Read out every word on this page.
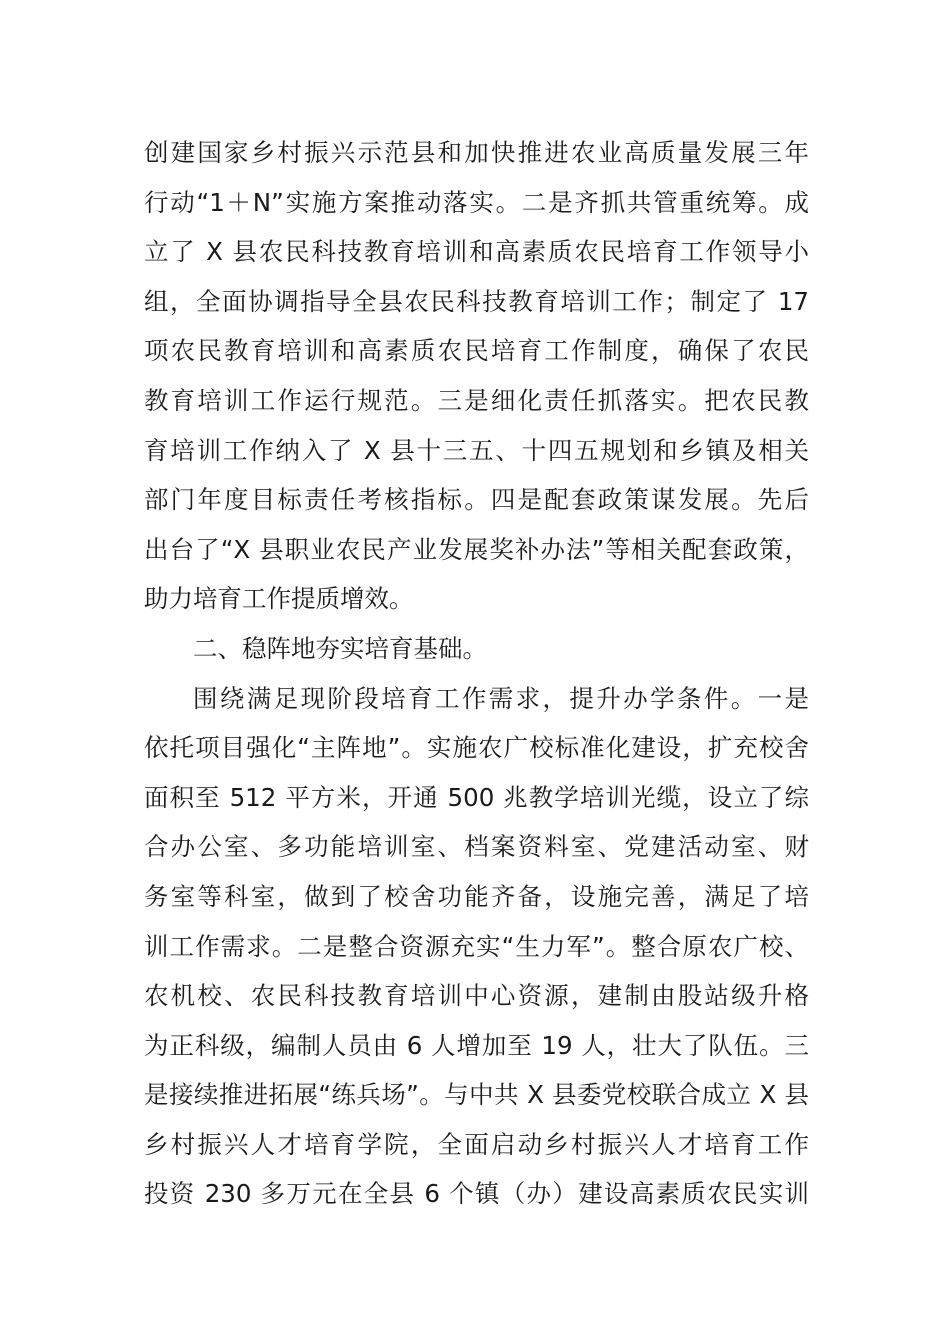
创建国家乡村振兴示范县和加快推进农业高质量发展三年
行动“1＋N”实施方案推动落实。二是齐抓共管重统筹。成
立了 X 县农民科技教育培训和高素质农民培育工作领导小
组，全面协调指导全县农民科技教育培训工作；制定了 17
项农民教育培训和高素质农民培育工作制度，确保了农民
教育培训工作运行规范。三是细化责任抓落实。把农民教
育培训工作纳入了 X 县十三五、十四五规划和乡镇及相关
部门年度目标责任考核指标。四是配套政策谋发展。先后
出台了“X 县职业农民产业发展奖补办法”等相关配套政策，
助力培育工作提质增效。
二、稳阵地夯实培育基础。
围绕满足现阶段培育工作需求，提升办学条件。一是
依托项目强化“主阵地”。实施农广校标准化建设，扩充校舍
面积至 512 平方米，开通 500 兆教学培训光缆，设立了综
合办公室、多功能培训室、档案资料室、党建活动室、财
务室等科室，做到了校舍功能齐备，设施完善，满足了培
训工作需求。二是整合资源充实“生力军”。整合原农广校、
农机校、农民科技教育培训中心资源，建制由股站级升格
为正科级，编制人员由 6 人增加至 19 人，壮大了队伍。三
是接续推进拓展“练兵场”。与中共 X 县委党校联合成立 X 县
乡村振兴人才培育学院，全面启动乡村振兴人才培育工作
投资 230 多万元在全县 6 个镇（办）建设高素质农民实训
